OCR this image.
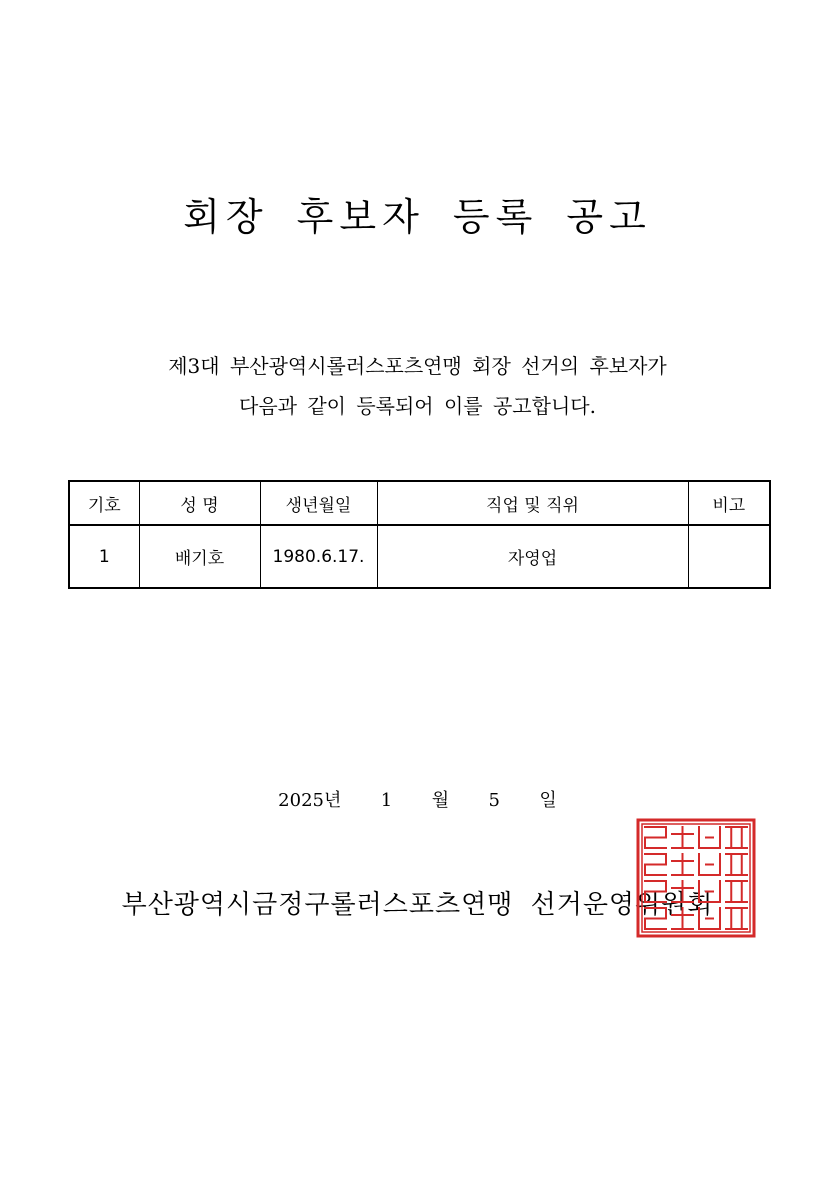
회장 후보자 등록 공고
제3대 부산광역시롤러스포츠연맹 회장 선거의 후보자가
다음과 같이 등록되어 이를 공고합니다.
기호	성 명	생년월일	직업 및 직위	비고
1	배기호	1980.6.17.	자영업	
2025년  1  월  5  일
부산광역시금정구롤러스포츠연맹 선거운영위원회
